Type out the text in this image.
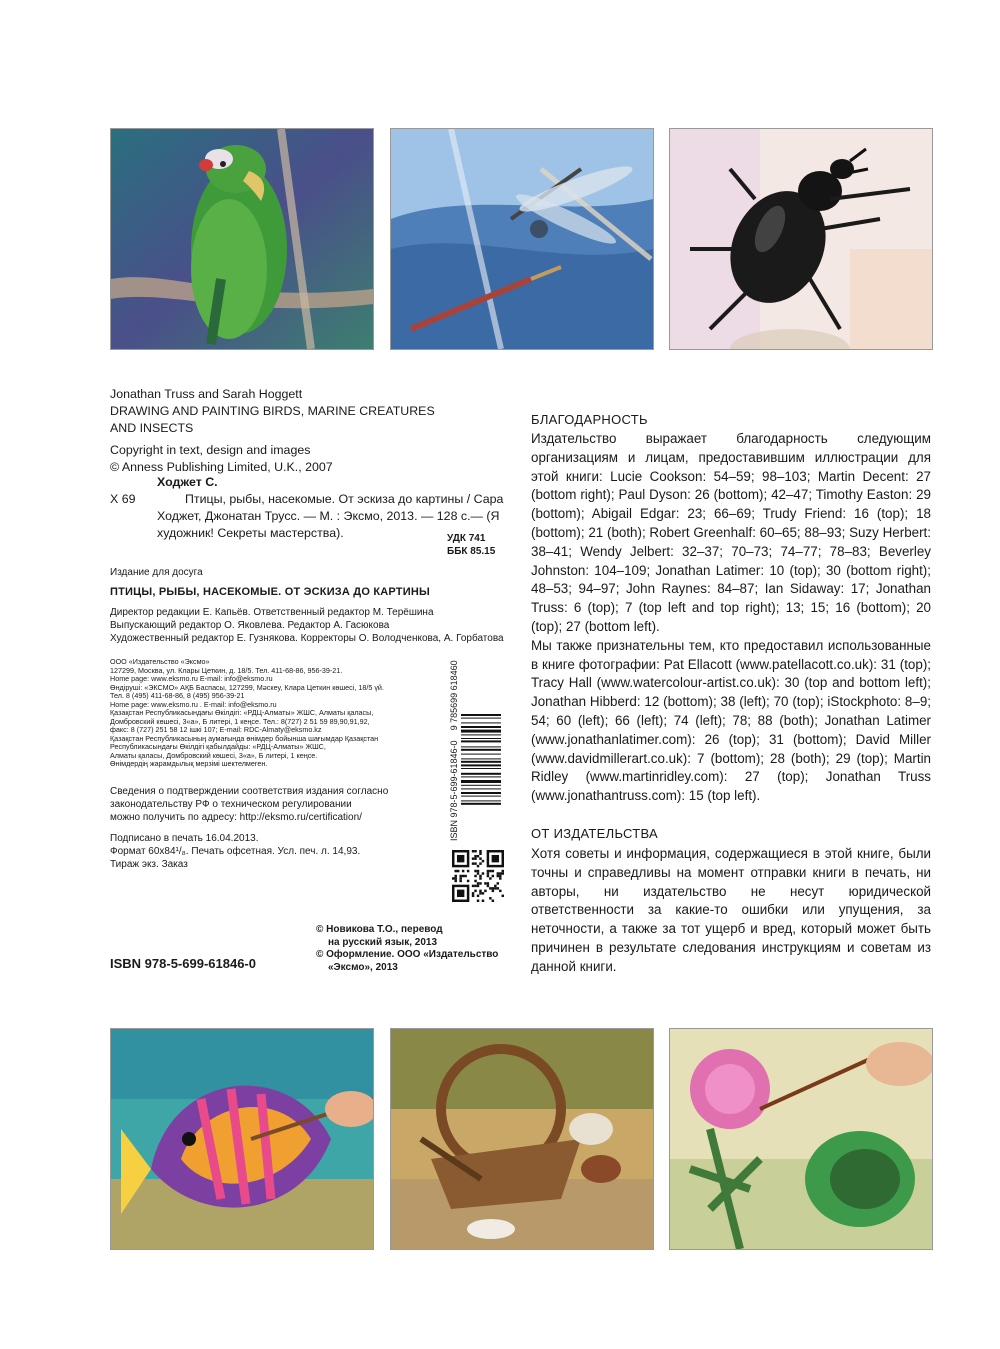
Jonathan Truss and Sarah Hoggett
DRAWING AND PAINTING BIRDS, MARINE CREATURES
AND INSECTS
Copyright in text, design and images
© Anness Publishing Limited, U.K., 2007
Х 69
Ходжет С.
Птицы, рыбы, насекомые. От эскиза до картины / Сара Ходжет, Джонатан Трусс. — М. : Эксмо, 2013. — 128 с.— (Я художник! Секреты мастерства).	УДК 741
ББК 85.15
Издание для досуга
ПТИЦЫ, РЫБЫ, НАСЕКОМЫЕ. ОТ ЭСКИЗА ДО КАРТИНЫ
Директор редакции Е. Капьёв. Ответственный редактор М. Терёшина
Выпускающий редактор О. Яковлева. Редактор А. Гасюкова
Художественный редактор Е. Гузнякова. Корректоры О. Володченкова, А. Горбатова
ООО «Издательство «Эксмо»
127299, Москва, ул. Клары Цеткин, д. 18/5. Тел. 411-68-86, 956-39-21.
Home page: www.eksmo.ru E-mail: info@eksmo.ru
Өндіруші: «ЭКСМО» АҚБ Баспасы, 127299, Мәскеу, Клара Цеткин көшесі, 18/5 үй.
Тел. 8 (495) 411-68-86, 8 (495) 956-39-21
Home page: www.eksmo.ru . E-mail: info@eksmo.ru
Қазақстан Республикасындағы Өкілдігі: «РДЦ-Алматы» ЖШС, Алматы қаласы,
Домбровский көшесі, 3«а», Б литері, 1 кеңсе. Тел.: 8(727) 2 51 59 89,90,91,92,
факс: 8 (727) 251 58 12 ішкі 107; E-mail: RDC-Almaty@eksmo.kz
Қазақстан Республикасының аумағында өнімдер бойынша шағымдар Қазақстан
Республикасындағы Өкілдігі қабылдайды: «РДЦ-Алматы» ЖШС,
Алматы қаласы, Домбровский көшесі, 3«а», Б литері, 1 кеңсе.
Өнімдердің жарамдылық мерзімі шектелмеген.
Сведения о подтверждении соответствия издания согласно
законодательству РФ о техническом регулировании
можно получить по адресу: http://eksmo.ru/certification/
Подписано в печать 16.04.2013.
Формат 60х84¹/₈. Печать офсетная. Усл. печ. л. 14,93.
Тираж экз. Заказ
ISBN 978-5-699-61846-0    9 785699 618460
© Новикова Т.О., перевод
на русский язык, 2013
© Оформление. ООО «Издательство
«Эксмо», 2013
ISBN 978-5-699-61846-0
БЛАГОДАРНОСТЬ

Издательство выражает благодарность следующим организациям и лицам, предоставившим иллюстрации для этой книги: Lucie Cookson: 54–59; 98–103; Martin Decent: 27 (bottom right); Paul Dyson: 26 (bottom); 42–47; Timothy Easton: 29 (bottom); Abigail Edgar: 23; 66–69; Trudy Friend: 16 (top); 18 (bottom); 21 (both); Robert Greenhalf: 60–65; 88–93; Suzy Herbert: 38–41; Wendy Jelbert: 32–37; 70–73; 74–77; 78–83; Beverley Johnston: 104–109; Jonathan Latimer: 10 (top); 30 (bottom right); 48–53; 94–97; John Raynes: 84–87; Ian Sidaway: 17; Jonathan Truss: 6 (top); 7 (top left and top right); 13; 15; 16 (bottom); 20 (top); 27 (bottom left).

Мы также признательны тем, кто предоставил использованные в книге фотографии: Pat Ellacott (www.patellacott.co.uk): 31 (top); Tracy Hall (www.watercolour-artist.co.uk): 30 (top and bottom left); Jonathan Hibberd: 12 (bottom); 38 (left); 70 (top); iStockphoto: 8–9; 54; 60 (left); 66 (left); 74 (left); 78; 88 (both); Jonathan Latimer (www.jonathanlatimer.com): 26 (top); 31 (bottom); David Miller (www.davidmillerart.co.uk): 7 (bottom); 28 (both); 29 (top); Martin Ridley (www.martinridley.com): 27 (top); Jonathan Truss (www.jonathantruss.com): 15 (top left).

ОТ ИЗДАТЕЛЬСТВА
Хотя советы и информация, содержащиеся в этой книге, были точны и справедливы на момент отправки книги в печать, ни авторы, ни издательство не несут юридической ответственности за какие-то ошибки или упущения, за неточности, а также за тот ущерб и вред, который может быть причинен в результате следования инструкциям и советам из данной книги.
